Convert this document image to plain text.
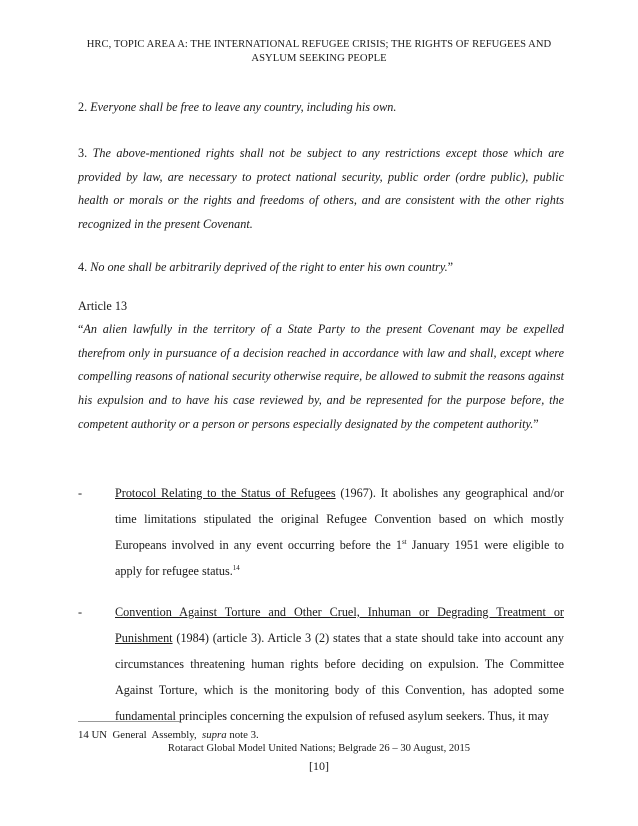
HRC, TOPIC AREA A: THE INTERNATIONAL REFUGEE CRISIS; THE RIGHTS OF REFUGEES AND
ASYLUM SEEKING PEOPLE
2. Everyone shall be free to leave any country, including his own.
3. The above-mentioned rights shall not be subject to any restrictions except those which are provided by law, are necessary to protect national security, public order (ordre public), public health or morals or the rights and freedoms of others, and are consistent with the other rights recognized in the present Covenant.
4. No one shall be arbitrarily deprived of the right to enter his own country.”
Article 13
“An alien lawfully in the territory of a State Party to the present Covenant may be expelled therefrom only in pursuance of a decision reached in accordance with law and shall, except where compelling reasons of national security otherwise require, be allowed to submit the reasons against his expulsion and to have his case reviewed by, and be represented for the purpose before, the competent authority or a person or persons especially designated by the competent authority.”
-	Protocol Relating to the Status of Refugees (1967). It abolishes any geographical and/or time limitations stipulated the original Refugee Convention based on which mostly Europeans involved in any event occurring before the 1st January 1951 were eligible to apply for refugee status.$^{14}$
-	Convention Against Torture and Other Cruel, Inhuman or Degrading Treatment or Punishment (1984) (article 3). Article 3 (2) states that a state should take into account any circumstances threatening human rights before deciding on expulsion. The Committee Against Torture, which is the monitoring body of this Convention, has adopted some fundamental principles concerning the expulsion of refused asylum seekers. Thus, it may
14 UN  General  Assembly,  supra note 3.
Rotaract Global Model United Nations; Belgrade 26 – 30 August, 2015
[10]
